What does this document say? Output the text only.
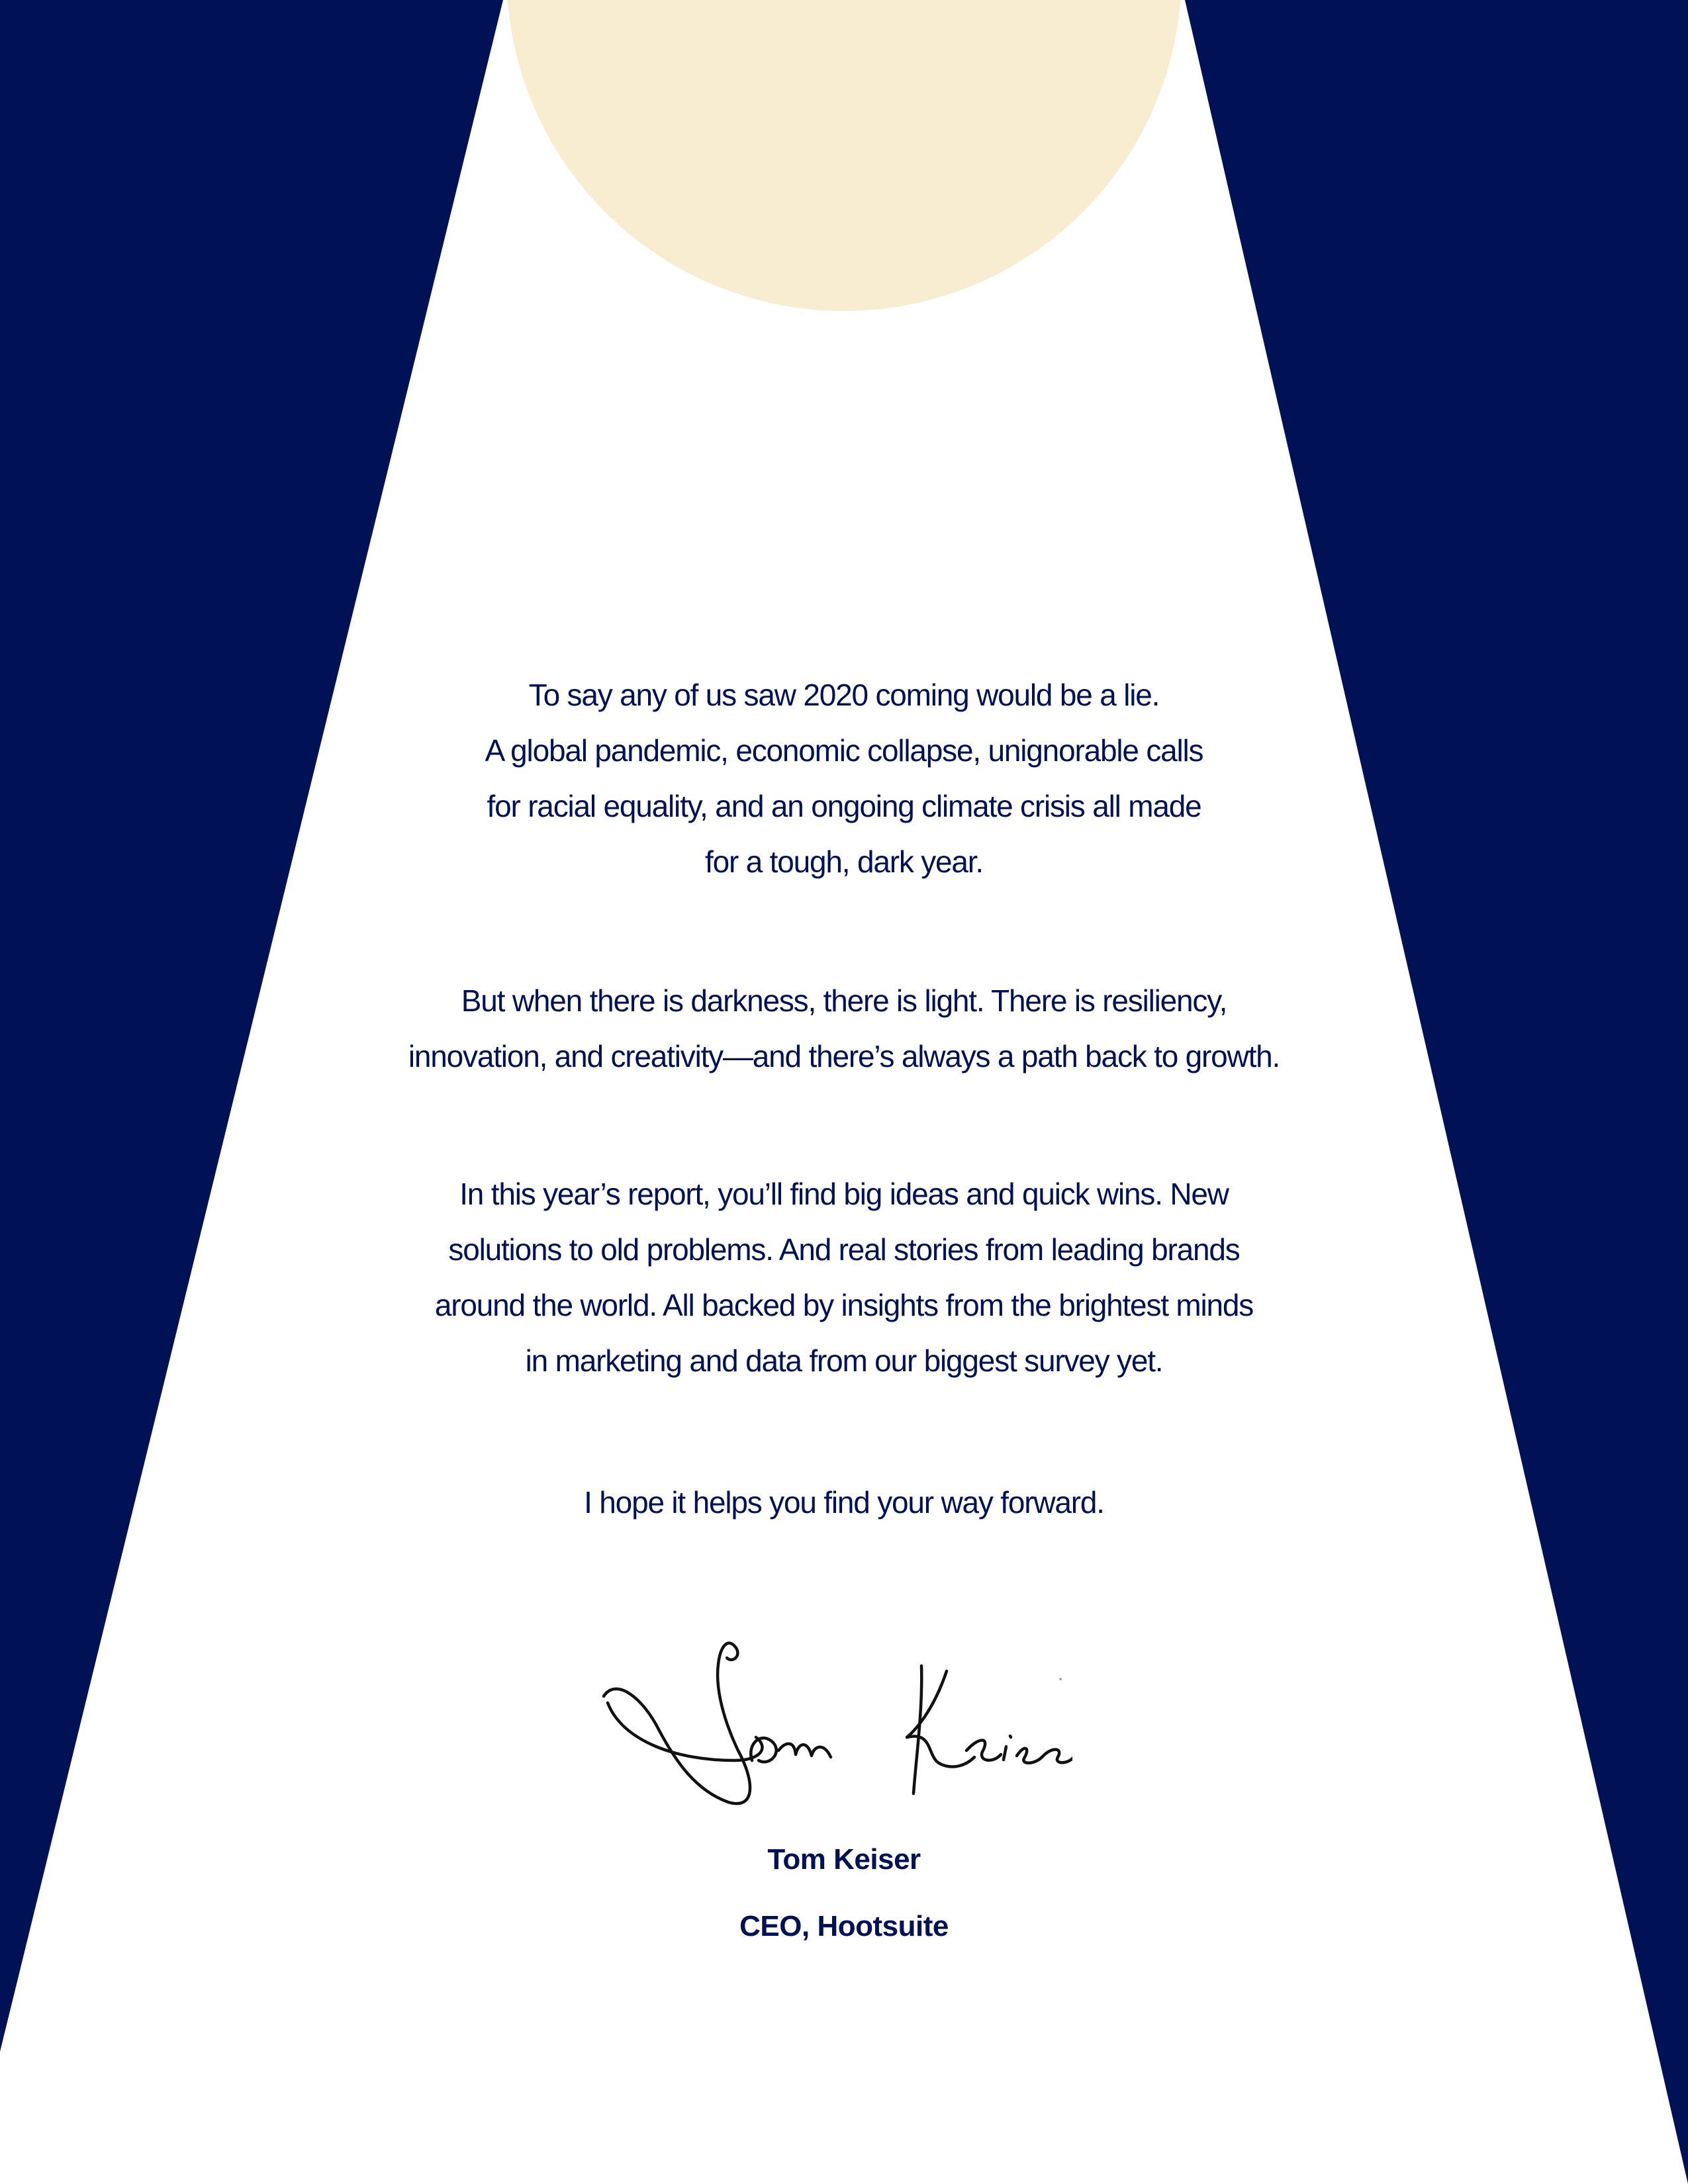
To say any of us saw 2020 coming would be a lie.
A global pandemic, economic collapse, unignorable calls
for racial equality, and an ongoing climate crisis all made
for a tough, dark year.

But when there is darkness, there is light. There is resiliency,
innovation, and creativity—and there’s always a path back to growth.

In this year’s report, you’ll find big ideas and quick wins. New
solutions to old problems. And real stories from leading brands
around the world. All backed by insights from the brightest minds
in marketing and data from our biggest survey yet.

I hope it helps you find your way forward.

Tom Keiser

CEO, Hootsuite
